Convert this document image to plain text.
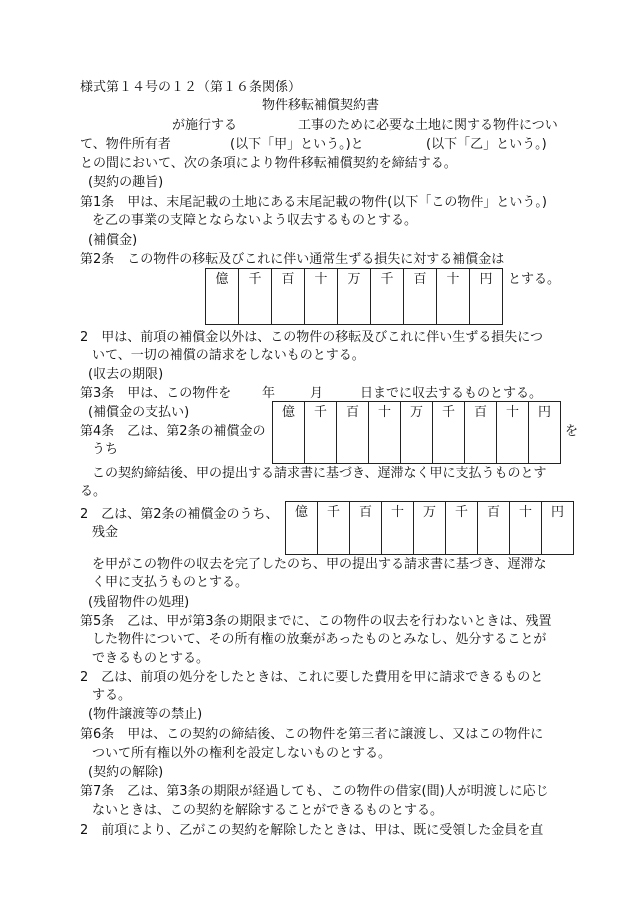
様式第１４号の１２（第１６条関係）

物件移転補償契約書

が施行する	工事のために必要な土地に関する物件につい

て、物件所有者	(以下「甲」という。)と	(以下「乙」という。)

との間において、次の条項により物件移転補償契約を締結する。

(契約の趣旨)

第1条　甲は、末尾記載の土地にある末尾記載の物件(以下「この物件」という。)

を乙の事業の支障とならないよう収去するものとする。

(補償金)

第2条　この物件の移転及びこれに伴い通常生ずる損失に対する補償金は

億	千	百	十	万	千	百	十	円 とする。

2　甲は、前項の補償金以外は、この物件の移転及びこれに伴い生ずる損失につ

いて、一切の補償の請求をしないものとする。

(収去の期限)

第3条　甲は、この物件を 年	月	日までに収去するものとする。

(補償金の支払い)

第4条　乙は、第2条の補償金の

うち

億	千	百	十	万	千	百	十	円

を

この契約締結後、甲の提出する請求書に基づき、遅滞なく甲に支払うものとす

る。

2　乙は、第2条の補償金のうち、

残金

億	千	百	十	万	千	百	十	円

を甲がこの物件の収去を完了したのち、甲の提出する請求書に基づき、遅滞な

く甲に支払うものとする。

(残留物件の処理)

第5条　乙は、甲が第3条の期限までに、この物件の収去を行わないときは、残置

した物件について、その所有権の放棄があったものとみなし、処分することが

できるものとする。

2　乙は、前項の処分をしたときは、これに要した費用を甲に請求できるものと

する。

(物件譲渡等の禁止)

第6条　甲は、この契約の締結後、この物件を第三者に譲渡し、又はこの物件に

ついて所有権以外の権利を設定しないものとする。

(契約の解除)

第7条　乙は、第3条の期限が経過しても、この物件の借家(間)人が明渡しに応じ

ないときは、この契約を解除することができるものとする。

2　前項により、乙がこの契約を解除したときは、甲は、既に受領した金員を直
